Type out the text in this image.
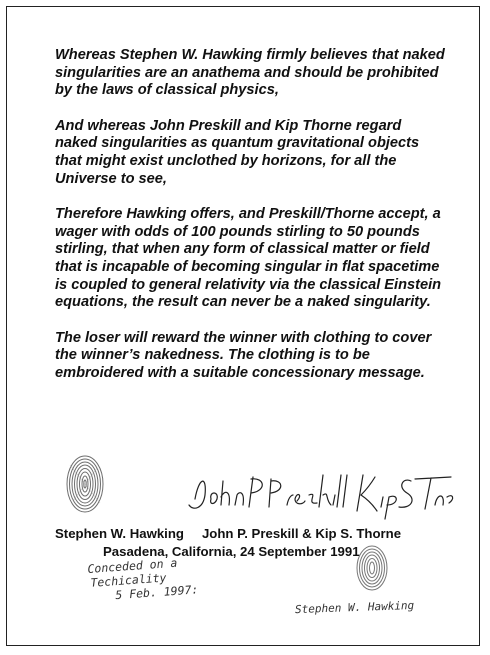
Whereas Stephen W. Hawking firmly believes that naked singularities are an anathema and should be prohibited by the laws of classical physics,

And whereas John Preskill and Kip Thorne regard naked singularities as quantum gravitational objects that might exist unclothed by horizons, for all the Universe to see,

Therefore Hawking offers, and Preskill/Thorne accept, a wager with odds of 100 pounds stirling to 50 pounds stirling, that when any form of classical matter or field that is incapable of becoming singular in flat spacetime is coupled to general relativity via the classical Einstein equations, the result can never be a naked singularity.

The loser will reward the winner with clothing to cover the winner’s nakedness. The clothing is to be embroidered with a suitable concessionary message.

Stephen W. Hawking John P. Preskill & Kip S. Thorne
Pasadena, California, 24 September 1991
Conceded on a
Techicality
5 Feb. 1997:
Stephen W. Hawking
